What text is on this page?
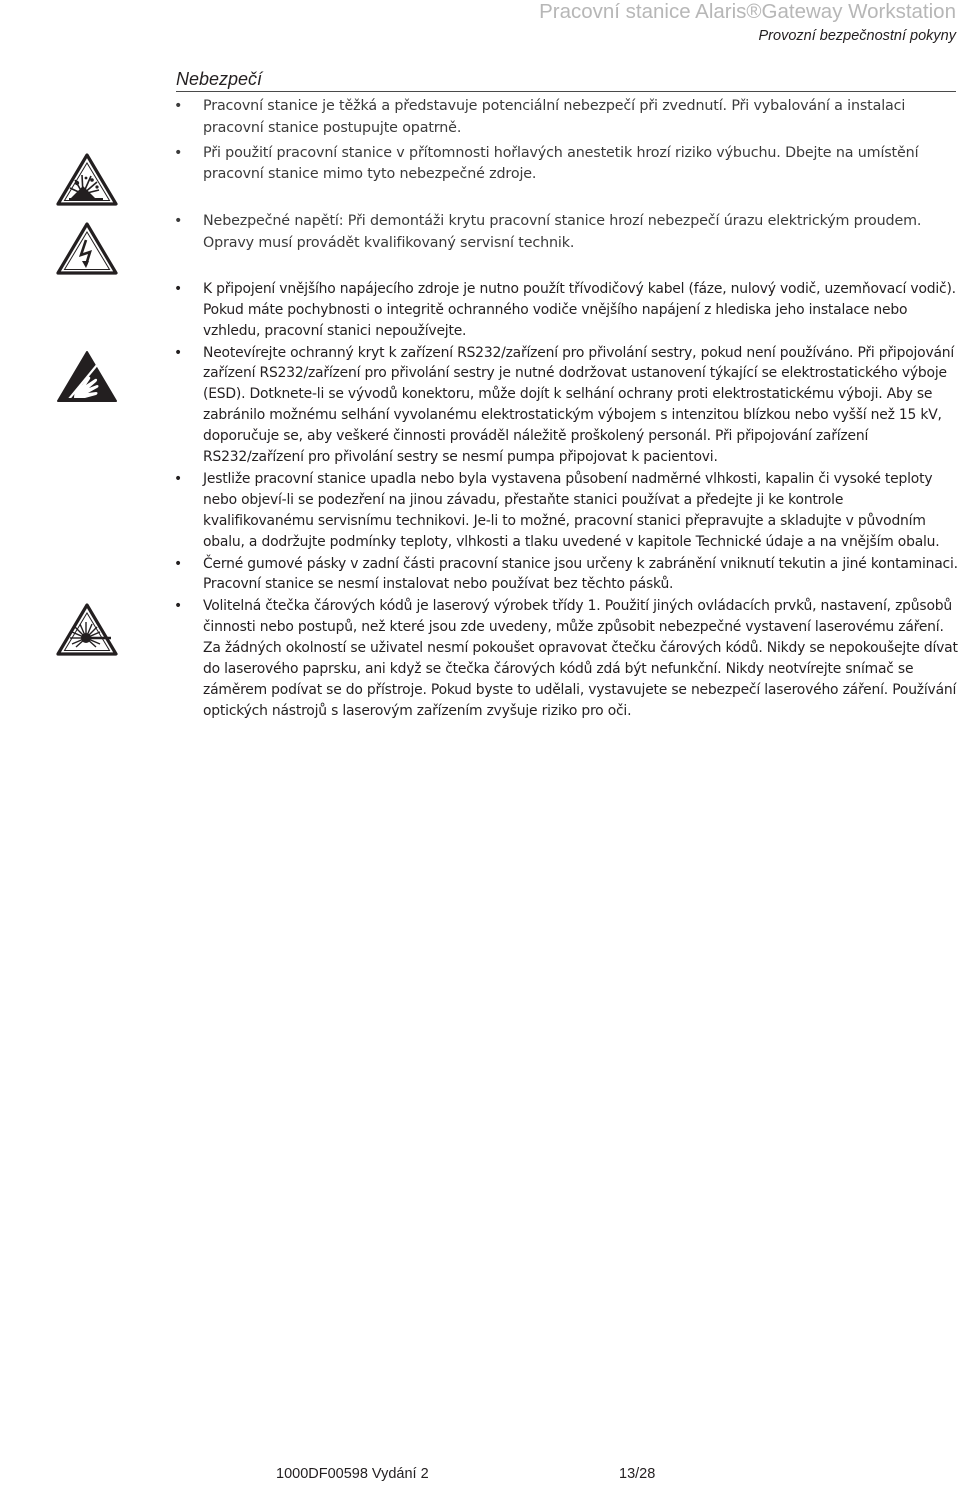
Pracovní stanice Alaris®Gateway Workstation
Provozní bezpečnostní pokyny
Nebezpečí
• Pracovní stanice je těžká a představuje potenciální nebezpečí při zvednutí. Při vybalování a instalaci pracovní stanice postupujte opatrně.
• Při použití pracovní stanice v přítomnosti hořlavých anestetik hrozí riziko výbuchu. Dbejte na umístění pracovní stanice mimo tyto nebezpečné zdroje.
• Nebezpečné napětí: Při demontáži krytu pracovní stanice hrozí nebezpečí úrazu elektrickým proudem. Opravy musí provádět kvalifikovaný servisní technik.
• K připojení vnějšího napájecího zdroje je nutno použít třívodičový kabel (fáze, nulový vodič, uzemňovací vodič). Pokud máte pochybnosti o integritě ochranného vodiče vnějšího napájení z hlediska jeho instalace nebo vzhledu, pracovní stanici nepoužívejte.
• Neotevírejte ochranný kryt k zařízení RS232/zařízení pro přivolání sestry, pokud není používáno. Při připojování zařízení RS232/zařízení pro přivolání sestry je nutné dodržovat ustanovení týkající se elektrostatického výboje (ESD). Dotknete-li se vývodů konektoru, může dojít k selhání ochrany proti elektrostatickému výboji. Aby se zabránilo možnému selhání vyvolanému elektrostatickým výbojem s intenzitou blízkou nebo vyšší než 15 kV, doporučuje se, aby veškeré činnosti prováděl náležitě proškolený personál. Při připojování zařízení RS232/zařízení pro přivolání sestry se nesmí pumpa připojovat k pacientovi.
• Jestliže pracovní stanice upadla nebo byla vystavena působení nadměrné vlhkosti, kapalin či vysoké teploty nebo objeví-li se podezření na jinou závadu, přestaňte stanici používat a předejte ji ke kontrole kvalifikovanému servisnímu technikovi. Je-li to možné, pracovní stanici přepravujte a skladujte v původním obalu, a dodržujte podmínky teploty, vlhkosti a tlaku uvedené v kapitole Technické údaje a na vnějším obalu.
• Černé gumové pásky v zadní části pracovní stanice jsou určeny k zabránění vniknutí tekutin a jiné kontaminaci. Pracovní stanice se nesmí instalovat nebo používat bez těchto pásků.
• Volitelná čtečka čárových kódů je laserový výrobek třídy 1. Použití jiných ovládacích prvků, nastavení, způsobů činnosti nebo postupů, než které jsou zde uvedeny, může způsobit nebezpečné vystavení laserovému záření. Za žádných okolností se uživatel nesmí pokoušet opravovat čtečku čárových kódů. Nikdy se nepokoušejte dívat do laserového paprsku, ani když se čtečka čárových kódů zdá být nefunkční. Nikdy neotvírejte snímač se záměrem podívat se do přístroje. Pokud byste to udělali, vystavujete se nebezpečí laserového záření. Používání optických nástrojů s laserovým zařízením zvyšuje riziko pro oči.
1000DF00598 Vydání 2	13/28
